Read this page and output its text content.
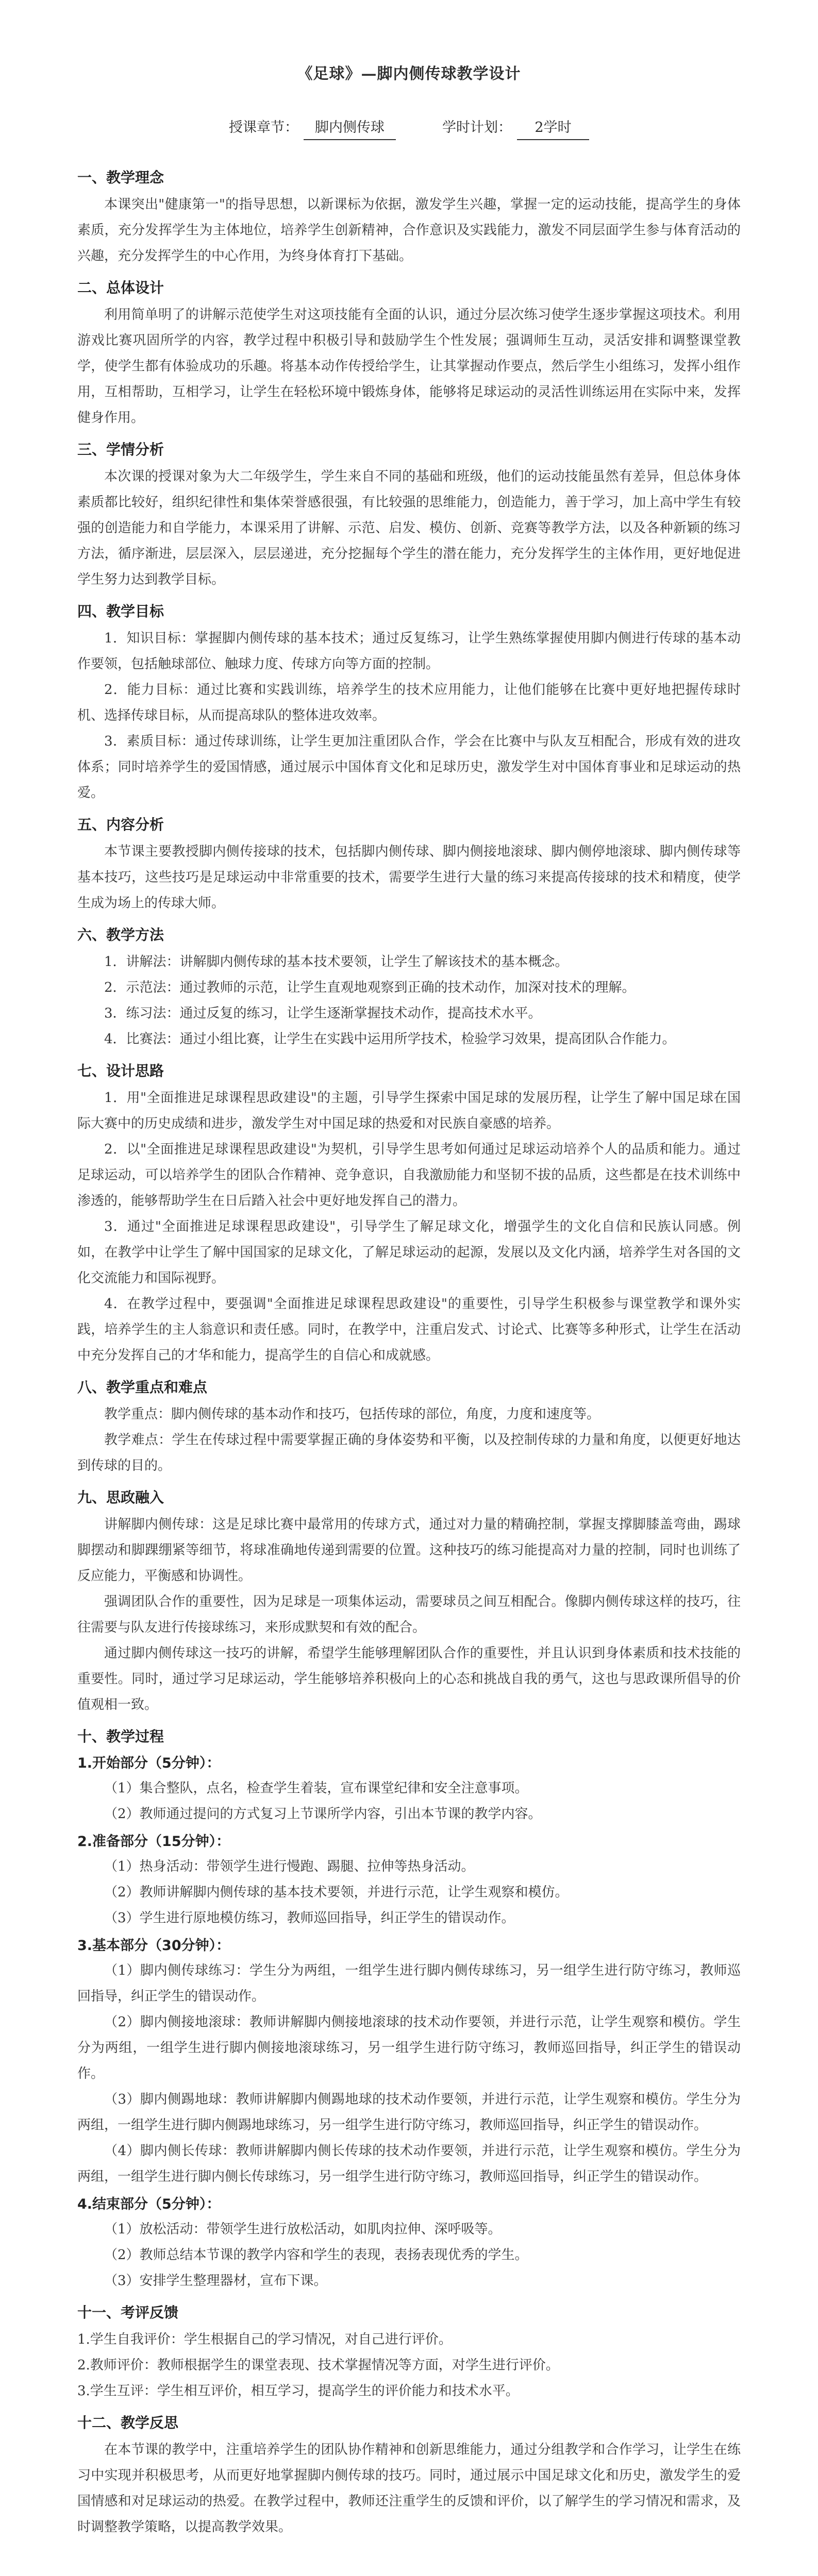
《足球》—脚内侧传球教学设计
授课章节： 脚内侧传球	学时计划： 2学时
一、教学理念

本课突出"健康第一"的指导思想，以新课标为依据，激发学生兴趣，掌握一定的运动技能，提高学生的身体素质，充分发挥学生为主体地位，培养学生创新精神，合作意识及实践能力，激发不同层面学生参与体育活动的兴趣，充分发挥学生的中心作用，为终身体育打下基础。

二、总体设计

利用简单明了的讲解示范使学生对这项技能有全面的认识，通过分层次练习使学生逐步掌握这项技术。利用游戏比赛巩固所学的内容，教学过程中积极引导和鼓励学生个性发展；强调师生互动，灵活安排和调整课堂教学，使学生都有体验成功的乐趣。将基本动作传授给学生，让其掌握动作要点，然后学生小组练习，发挥小组作用，互相帮助，互相学习，让学生在轻松环境中锻炼身体，能够将足球运动的灵活性训练运用在实际中来，发挥健身作用。

三、学情分析

本次课的授课对象为大二年级学生，学生来自不同的基础和班级，他们的运动技能虽然有差异，但总体身体素质都比较好，组织纪律性和集体荣誉感很强，有比较强的思维能力，创造能力，善于学习，加上高中学生有较强的创造能力和自学能力，本课采用了讲解、示范、启发、模仿、创新、竞赛等教学方法，以及各种新颖的练习方法，循序渐进，层层深入，层层递进，充分挖掘每个学生的潜在能力，充分发挥学生的主体作用，更好地促进学生努力达到教学目标。

四、教学目标

1．知识目标：掌握脚内侧传球的基本技术；通过反复练习，让学生熟练掌握使用脚内侧进行传球的基本动作要领，包括触球部位、触球力度、传球方向等方面的控制。

2．能力目标：通过比赛和实践训练，培养学生的技术应用能力，让他们能够在比赛中更好地把握传球时机、选择传球目标，从而提高球队的整体进攻效率。

3．素质目标：通过传球训练，让学生更加注重团队合作，学会在比赛中与队友互相配合，形成有效的进攻体系；同时培养学生的爱国情感，通过展示中国体育文化和足球历史，激发学生对中国体育事业和足球运动的热爱。

五、内容分析

本节课主要教授脚内侧传接球的技术，包括脚内侧传球、脚内侧接地滚球、脚内侧停地滚球、脚内侧传球等基本技巧，这些技巧是足球运动中非常重要的技术，需要学生进行大量的练习来提高传接球的技术和精度，使学生成为场上的传球大师。

六、教学方法

1．讲解法：讲解脚内侧传球的基本技术要领，让学生了解该技术的基本概念。

2．示范法：通过教师的示范，让学生直观地观察到正确的技术动作，加深对技术的理解。

3．练习法：通过反复的练习，让学生逐渐掌握技术动作，提高技术水平。

4．比赛法：通过小组比赛，让学生在实践中运用所学技术，检验学习效果，提高团队合作能力。

七、设计思路

1．用"全面推进足球课程思政建设"的主题，引导学生探索中国足球的发展历程，让学生了解中国足球在国际大赛中的历史成绩和进步，激发学生对中国足球的热爱和对民族自豪感的培养。

2．以"全面推进足球课程思政建设"为契机，引导学生思考如何通过足球运动培养个人的品质和能力。通过足球运动，可以培养学生的团队合作精神、竞争意识，自我激励能力和坚韧不拔的品质，这些都是在技术训练中渗透的，能够帮助学生在日后踏入社会中更好地发挥自己的潜力。

3．通过"全面推进足球课程思政建设"，引导学生了解足球文化，增强学生的文化自信和民族认同感。例如，在教学中让学生了解中国国家的足球文化，了解足球运动的起源，发展以及文化内涵，培养学生对各国的文化交流能力和国际视野。

4．在教学过程中，要强调"全面推进足球课程思政建设"的重要性，引导学生积极参与课堂教学和课外实践，培养学生的主人翁意识和责任感。同时，在教学中，注重启发式、讨论式、比赛等多种形式，让学生在活动中充分发挥自己的才华和能力，提高学生的自信心和成就感。

八、教学重点和难点

教学重点：脚内侧传球的基本动作和技巧，包括传球的部位，角度，力度和速度等。

教学难点：学生在传球过程中需要掌握正确的身体姿势和平衡，以及控制传球的力量和角度，以便更好地达到传球的目的。

九、思政融入

讲解脚内侧传球：这是足球比赛中最常用的传球方式，通过对力量的精确控制，掌握支撑脚膝盖弯曲，踢球脚摆动和脚踝绷紧等细节，将球准确地传递到需要的位置。这种技巧的练习能提高对力量的控制，同时也训练了反应能力，平衡感和协调性。

强调团队合作的重要性，因为足球是一项集体运动，需要球员之间互相配合。像脚内侧传球这样的技巧，往往需要与队友进行传接球练习，来形成默契和有效的配合。

通过脚内侧传球这一技巧的讲解，希望学生能够理解团队合作的重要性，并且认识到身体素质和技术技能的重要性。同时，通过学习足球运动，学生能够培养积极向上的心态和挑战自我的勇气，这也与思政课所倡导的价值观相一致。

十、教学过程
1.开始部分（5分钟）：

（1）集合整队，点名，检查学生着装，宣布课堂纪律和安全注意事项。

（2）教师通过提问的方式复习上节课所学内容，引出本节课的教学内容。

2.准备部分（15分钟）：

（1）热身活动：带领学生进行慢跑、踢腿、拉伸等热身活动。

（2）教师讲解脚内侧传球的基本技术要领，并进行示范，让学生观察和模仿。

（3）学生进行原地模仿练习，教师巡回指导，纠正学生的错误动作。

3.基本部分（30分钟）：

（1）脚内侧传球练习：学生分为两组，一组学生进行脚内侧传球练习，另一组学生进行防守练习，教师巡回指导，纠正学生的错误动作。

（2）脚内侧接地滚球：教师讲解脚内侧接地滚球的技术动作要领，并进行示范，让学生观察和模仿。学生分为两组，一组学生进行脚内侧接地滚球练习，另一组学生进行防守练习，教师巡回指导，纠正学生的错误动作。

（3）脚内侧踢地球：教师讲解脚内侧踢地球的技术动作要领，并进行示范，让学生观察和模仿。学生分为两组，一组学生进行脚内侧踢地球练习，另一组学生进行防守练习，教师巡回指导，纠正学生的错误动作。

（4）脚内侧长传球：教师讲解脚内侧长传球的技术动作要领，并进行示范，让学生观察和模仿。学生分为两组，一组学生进行脚内侧长传球练习，另一组学生进行防守练习，教师巡回指导，纠正学生的错误动作。

4.结束部分（5分钟）：

（1）放松活动：带领学生进行放松活动，如肌肉拉伸、深呼吸等。

（2）教师总结本节课的教学内容和学生的表现，表扬表现优秀的学生。

（3）安排学生整理器材，宣布下课。

十一、考评反馈

1.学生自我评价：学生根据自己的学习情况，对自己进行评价。

2.教师评价：教师根据学生的课堂表现、技术掌握情况等方面，对学生进行评价。

3.学生互评：学生相互评价，相互学习，提高学生的评价能力和技术水平。

十二、教学反思

在本节课的教学中，注重培养学生的团队协作精神和创新思维能力，通过分组教学和合作学习，让学生在练习中实现并积极思考，从而更好地掌握脚内侧传球的技巧。同时，通过展示中国足球文化和历史，激发学生的爱国情感和对足球运动的热爱。在教学过程中，教师还注重学生的反馈和评价，以了解学生的学习情况和需求，及时调整教学策略，以提高教学效果。
